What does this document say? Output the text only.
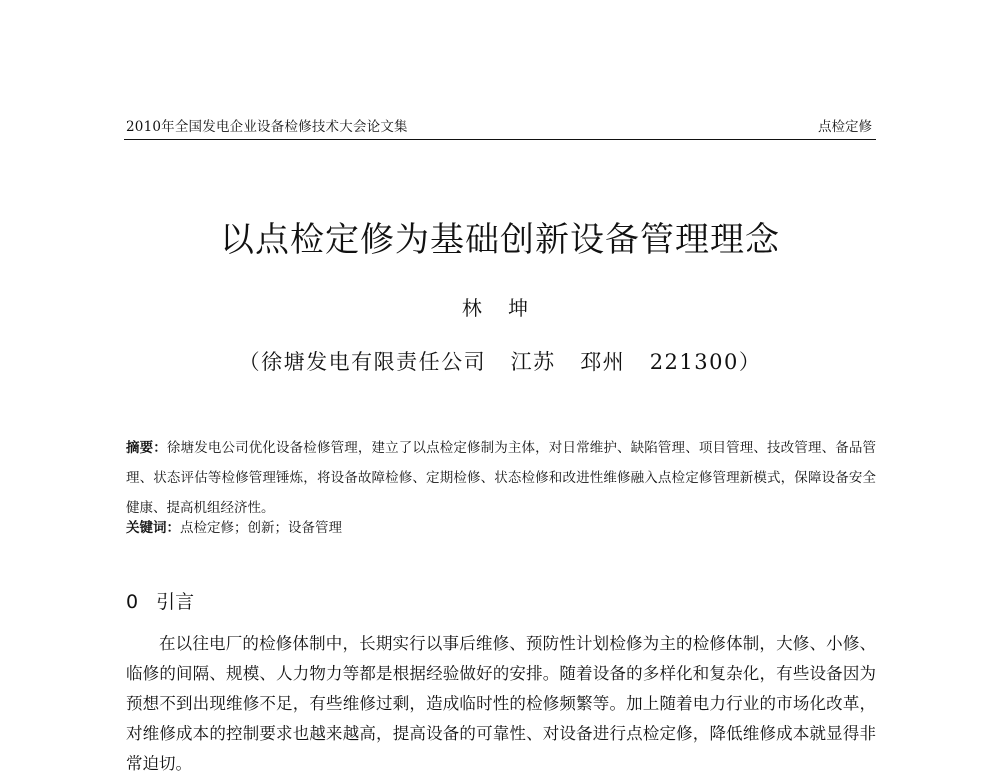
2010年全国发电企业设备检修技术大会论文集	点检定修
以点检定修为基础创新设备管理理念
林 坤
（徐塘发电有限责任公司   江苏   邳州   221300）

摘要：徐塘发电公司优化设备检修管理，建立了以点检定修制为主体，对日常维护、缺陷管理、项目管理、技改管理、备品管理、状态评估等检修管理锤炼，将设备故障检修、定期检修、状态检修和改进性维修融入点检定修管理新模式，保障设备安全健康、提高机组经济性。

关键词：点检定修；创新；设备管理

0 引言

在以往电厂的检修体制中，长期实行以事后维修、预防性计划检修为主的检修体制，大修、小修、临修的间隔、规模、人力物力等都是根据经验做好的安排。随着设备的多样化和复杂化，有些设备因为预想不到出现维修不足，有些维修过剩，造成临时性的检修频繁等。加上随着电力行业的市场化改革，对维修成本的控制要求也越来越高，提高设备的可靠性、对设备进行点检定修，降低维修成本就显得非常迫切。
